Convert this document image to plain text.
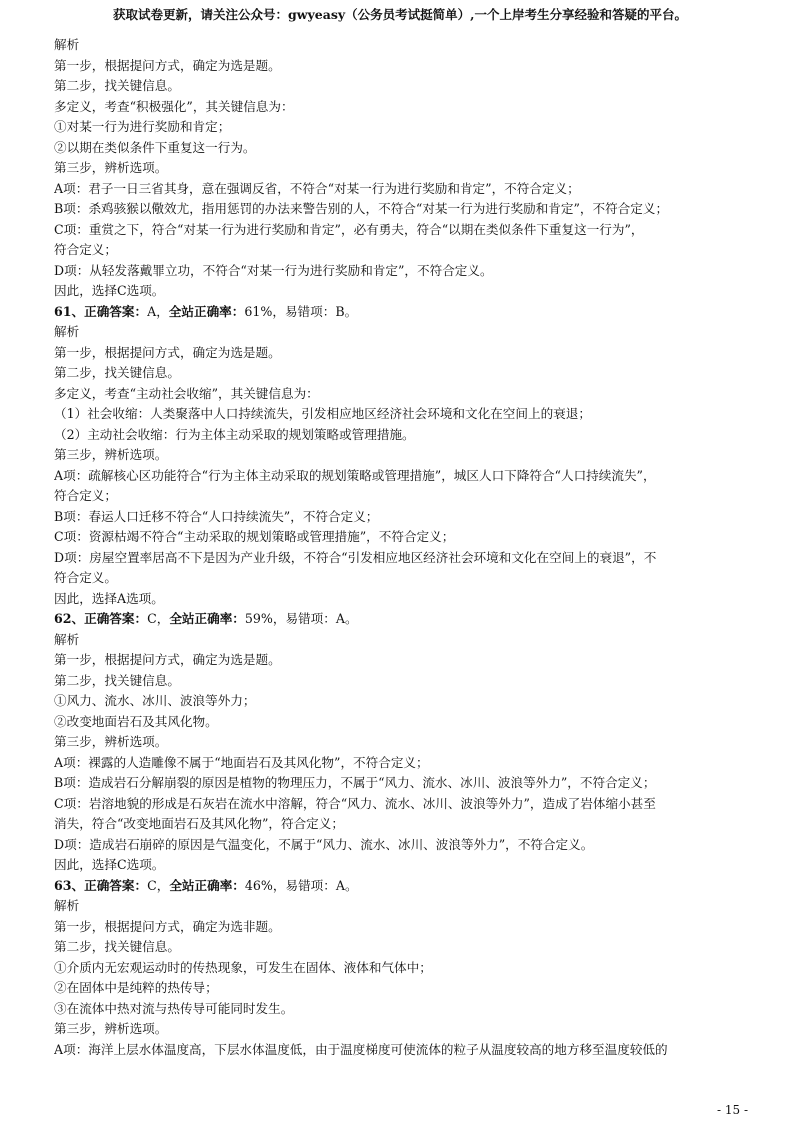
获取试卷更新，请关注公众号：gwyeasy（公务员考试挺简单）,一个上岸考生分享经验和答疑的平台。
解析
第一步，根据提问方式，确定为选是题。
第二步，找关键信息。
多定义，考查“积极强化”，其关键信息为：
①对某一行为进行奖励和肯定；
②以期在类似条件下重复这一行为。
第三步，辨析选项。
A项：君子一日三省其身，意在强调反省，不符合“对某一行为进行奖励和肯定”，不符合定义；
B项：杀鸡骇猴以儆效尤，指用惩罚的办法来警告别的人，不符合“对某一行为进行奖励和肯定”，不符合定义；
C项：重赏之下，符合“对某一行为进行奖励和肯定”，必有勇夫，符合“以期在类似条件下重复这一行为”，
符合定义；
D项：从轻发落戴罪立功，不符合“对某一行为进行奖励和肯定”，不符合定义。
因此，选择C选项。
61、正确答案：A，全站正确率：61%，易错项：B。
解析
第一步，根据提问方式，确定为选是题。
第二步，找关键信息。
多定义，考查“主动社会收缩”，其关键信息为：
（1）社会收缩：人类聚落中人口持续流失，引发相应地区经济社会环境和文化在空间上的衰退；
（2）主动社会收缩：行为主体主动采取的规划策略或管理措施。
第三步，辨析选项。
A项：疏解核心区功能符合“行为主体主动采取的规划策略或管理措施”，城区人口下降符合“人口持续流失”，
符合定义；
B项：春运人口迁移不符合“人口持续流失”，不符合定义；
C项：资源枯竭不符合“主动采取的规划策略或管理措施”，不符合定义；
D项：房屋空置率居高不下是因为产业升级，不符合“引发相应地区经济社会环境和文化在空间上的衰退”，不
符合定义。
因此，选择A选项。
62、正确答案：C，全站正确率：59%，易错项：A。
解析
第一步，根据提问方式，确定为选是题。
第二步，找关键信息。
①风力、流水、冰川、波浪等外力；
②改变地面岩石及其风化物。
第三步，辨析选项。
A项：裸露的人造雕像不属于“地面岩石及其风化物”，不符合定义；
B项：造成岩石分解崩裂的原因是植物的物理压力，不属于“风力、流水、冰川、波浪等外力”，不符合定义；
C项：岩溶地貌的形成是石灰岩在流水中溶解，符合“风力、流水、冰川、波浪等外力”，造成了岩体缩小甚至
消失，符合“改变地面岩石及其风化物”，符合定义；
D项：造成岩石崩碎的原因是气温变化，不属于“风力、流水、冰川、波浪等外力”，不符合定义。
因此，选择C选项。
63、正确答案：C，全站正确率：46%，易错项：A。
解析
第一步，根据提问方式，确定为选非题。
第二步，找关键信息。
①介质内无宏观运动时的传热现象，可发生在固体、液体和气体中；
②在固体中是纯粹的热传导；
③在流体中热对流与热传导可能同时发生。
第三步，辨析选项。
A项：海洋上层水体温度高，下层水体温度低，由于温度梯度可使流体的粒子从温度较高的地方移至温度较低的
- 15 -
